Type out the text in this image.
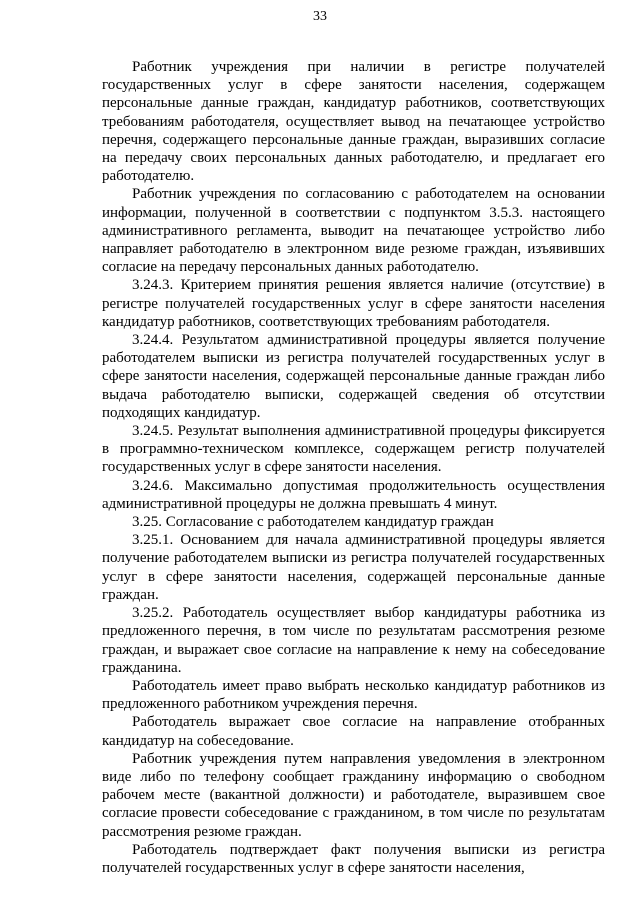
33

Работник учреждения при наличии в регистре получателей государственных услуг в сфере занятости населения, содержащем персональные данные граждан, кандидатур работников, соответствующих требованиям работодателя, осуществляет вывод на печатающее устройство перечня, содержащего персональные данные граждан, выразивших согласие на передачу своих персональных данных работодателю, и предлагает его работодателю.

Работник учреждения по согласованию с работодателем на основании информации, полученной в соответствии с подпунктом 3.5.3. настоящего административного регламента, выводит на печатающее устройство либо направляет работодателю в электронном виде резюме граждан, изъявивших согласие на передачу персональных данных работодателю.

3.24.3. Критерием принятия решения является наличие (отсутствие) в регистре получателей государственных услуг в сфере занятости населения кандидатур работников, соответствующих требованиям работодателя.

3.24.4. Результатом административной процедуры является получение работодателем выписки из регистра получателей государственных услуг в сфере занятости населения, содержащей персональные данные граждан либо выдача работодателю выписки, содержащей сведения об отсутствии подходящих кандидатур.

3.24.5. Результат выполнения административной процедуры фиксируется в программно-техническом комплексе, содержащем регистр получателей государственных услуг в сфере занятости населения.

3.24.6. Максимально допустимая продолжительность осуществления административной процедуры не должна превышать 4 минут.

3.25. Согласование с работодателем кандидатур граждан

3.25.1. Основанием для начала административной процедуры является получение работодателем выписки из регистра получателей государственных услуг в сфере занятости населения, содержащей персональные данные граждан.

3.25.2. Работодатель осуществляет выбор кандидатуры работника из предложенного перечня, в том числе по результатам рассмотрения резюме граждан, и выражает свое согласие на направление к нему на собеседование гражданина.

Работодатель имеет право выбрать несколько кандидатур работников из предложенного работником учреждения перечня.

Работодатель выражает свое согласие на направление отобранных кандидатур на собеседование.

Работник учреждения путем направления уведомления в электронном виде либо по телефону сообщает гражданину информацию о свободном рабочем месте (вакантной должности) и работодателе, выразившем свое согласие провести собеседование с гражданином, в том числе по результатам рассмотрения резюме граждан.

Работодатель подтверждает факт получения выписки из регистра получателей государственных услуг в сфере занятости населения,
